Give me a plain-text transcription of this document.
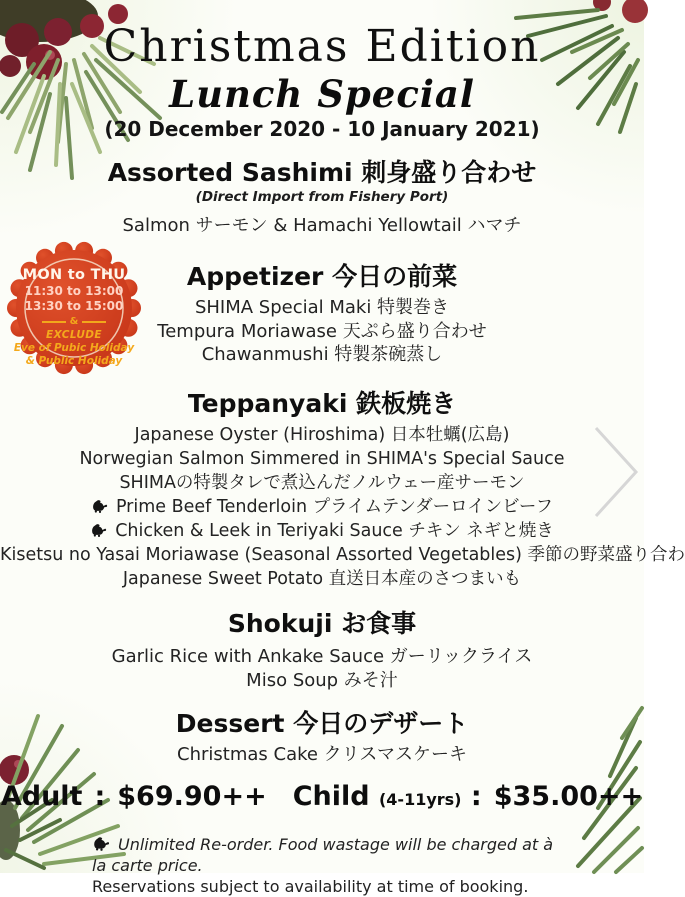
MON to THU
11:30 to 13:00
13:30 to 15:00
&
EXCLUDE
Eve of Pubic Holiday
& Public Holiday
Christmas Edition
Lunch Special
(20 December 2020 - 10 January 2021)
Assorted Sashimi 刺身盛り合わせ
(Direct Import from Fishery Port)
Salmon サーモン & Hamachi Yellowtail ハマチ
Appetizer 今日の前菜
SHIMA Special Maki 特製巻き
Tempura Moriawase 天ぷら盛り合わせ
Chawanmushi 特製茶碗蒸し
Teppanyaki 鉄板焼き
Japanese Oyster (Hiroshima) 日本牡蠣(広島)
Norwegian Salmon Simmered in SHIMA's Special Sauce
SHIMAの特製タレで煮込んだノルウェー産サーモン
Prime Beef Tenderloin プライムテンダーロインビーフ
Chicken & Leek in Teriyaki Sauce チキン ネギと焼き
Kisetsu no Yasai Moriawase (Seasonal Assorted Vegetables) 季節の野菜盛り合わ
Japanese Sweet Potato 直送日本産のさつまいも
Shokuji お食事
Garlic Rice with Ankake Sauce ガーリックライス
Miso Soup みそ汁
Dessert 今日のデザート
Christmas Cake クリスマスケーキ
Adult : $69.90++ Child (4-11yrs) : $35.00++
Unlimited Re-order. Food wastage will be charged at à la carte price.
Reservations subject to availability at time of booking.
